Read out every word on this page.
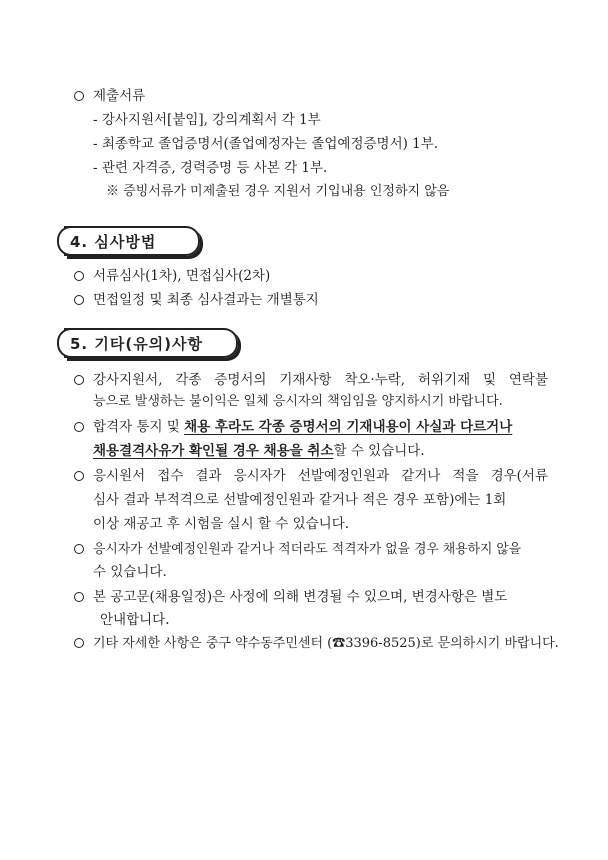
제출서류
- 강사지원서[붙임], 강의계획서 각 1부
- 최종학교 졸업증명서(졸업예정자는 졸업예정증명서) 1부.
- 관련 자격증, 경력증명 등 사본 각 1부.
※ 증빙서류가 미제출된 경우 지원서 기입내용 인정하지 않음
4. 심사방법
서류심사(1차), 면접심사(2차)
면접일정 및 최종 심사결과는 개별통지
5. 기타(유의)사항
강사지원서, 각종 증명서의 기재사항 착오·누락, 허위기재 및 연락불
능으로 발생하는 불이익은 일체 응시자의 책임임을 양지하시기 바랍니다.
합격자 통지 및 채용 후라도 각종 증명서의 기재내용이 사실과 다르거나
채용결격사유가 확인될 경우 채용을 취소할 수 있습니다.
응시원서 접수 결과 응시자가 선발예정인원과 같거나 적을 경우(서류
심사 결과 부적격으로 선발예정인원과 같거나 적은 경우 포함)에는 1회
이상 재공고 후 시험을 실시 할 수 있습니다.
응시자가 선발예정인원과 같거나 적더라도 적격자가 없을 경우 채용하지 않을
수 있습니다.
본 공고문(채용일정)은 사정에 의해 변경될 수 있으며, 변경사항은 별도
안내합니다.
기타 자세한 사항은 중구 약수동주민센터 (☎3396-8525)로 문의하시기 바랍니다.
